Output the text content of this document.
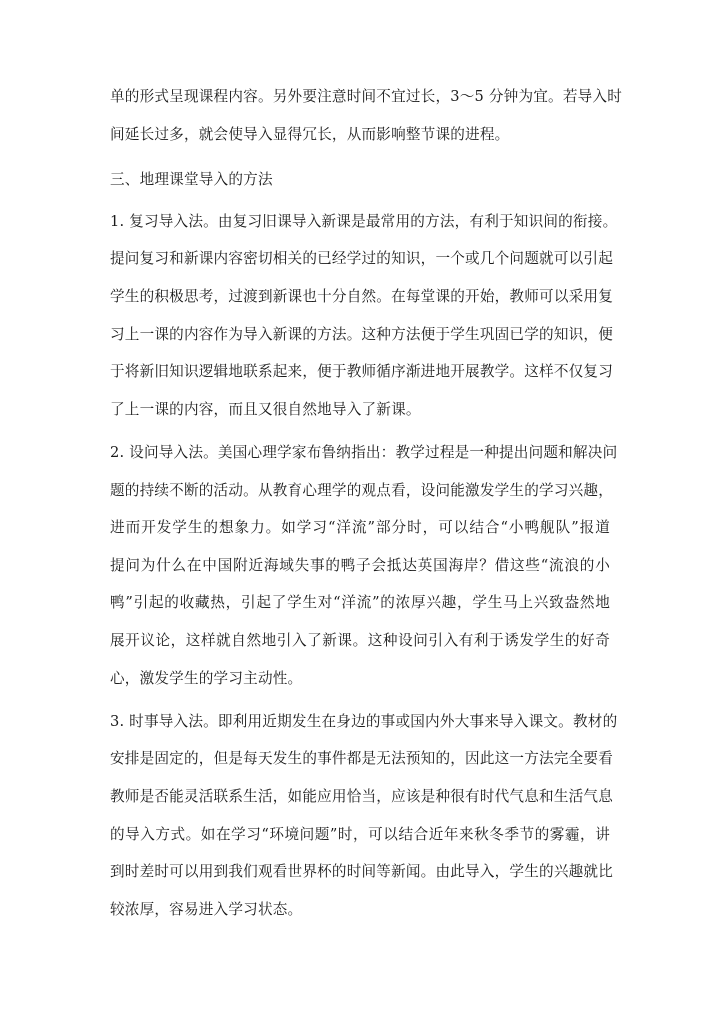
单的形式呈现课程内容。另外要注意时间不宜过长，3～5 分钟为宜。若导入时
间延长过多，就会使导入显得冗长，从而影响整节课的进程。
三、地理课堂导入的方法
1. 复习导入法。由复习旧课导入新课是最常用的方法，有利于知识间的衔接。
提问复习和新课内容密切相关的已经学过的知识，一个或几个问题就可以引起
学生的积极思考，过渡到新课也十分自然。在每堂课的开始，教师可以采用复
习上一课的内容作为导入新课的方法。这种方法便于学生巩固已学的知识，便
于将新旧知识逻辑地联系起来，便于教师循序渐进地开展教学。这样不仅复习
了上一课的内容，而且又很自然地导入了新课。
2. 设问导入法。美国心理学家布鲁纳指出：教学过程是一种提出问题和解决问
题的持续不断的活动。从教育心理学的观点看，设问能激发学生的学习兴趣，
进而开发学生的想象力。如学习“洋流”部分时，可以结合“小鸭舰队”报道
提问为什么在中国附近海域失事的鸭子会抵达英国海岸？借这些“流浪的小
鸭”引起的收藏热，引起了学生对“洋流”的浓厚兴趣，学生马上兴致盎然地
展开议论，这样就自然地引入了新课。这种设问引入有利于诱发学生的好奇
心，激发学生的学习主动性。
3. 时事导入法。即利用近期发生在身边的事或国内外大事来导入课文。教材的
安排是固定的，但是每天发生的事件都是无法预知的，因此这一方法完全要看
教师是否能灵活联系生活，如能应用恰当，应该是种很有时代气息和生活气息
的导入方式。如在学习“环境问题”时，可以结合近年来秋冬季节的雾霾，讲
到时差时可以用到我们观看世界杯的时间等新闻。由此导入，学生的兴趣就比
较浓厚，容易进入学习状态。
